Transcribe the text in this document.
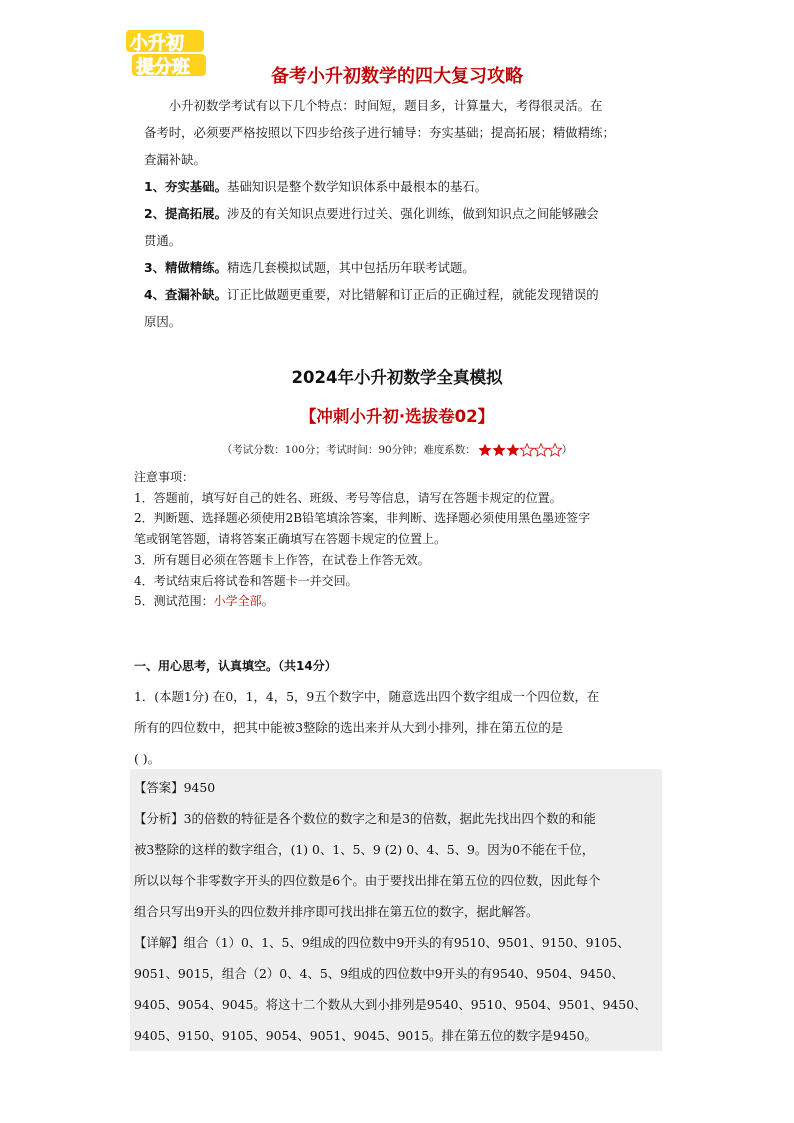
小升初
提分班	备考小升初数学的四大复习攻略

小升初数学考试有以下几个特点：时间短，题目多，计算量大，考得很灵活。在

备考时，必须要严格按照以下四步给孩子进行辅导：夯实基础；提高拓展；精做精练；

查漏补缺。

1、夯实基础。基础知识是整个数学知识体系中最根本的基石。

2、提高拓展。涉及的有关知识点要进行过关、强化训练，做到知识点之间能够融会

贯通。

3、精做精练。精选几套模拟试题，其中包括历年联考试题。

4、查漏补缺。订正比做题更重要，对比错解和订正后的正确过程，就能发现错误的

原因。

2024年小升初数学全真模拟
【冲刺小升初·选拔卷02】
（考试分数：100分；考试时间：90分钟；难度系数：	）

注意事项：

1．答题前，填写好自己的姓名、班级、考号等信息，请写在答题卡规定的位置。

2．判断题、选择题必须使用2B铅笔填涂答案，非判断、选择题必须使用黑色墨迹签字

笔或钢笔答题，请将答案正确填写在答题卡规定的位置上。

3．所有题目必须在答题卡上作答，在试卷上作答无效。

4．考试结束后将试卷和答题卡一并交回。

5．测试范围：小学全部。

一、用心思考，认真填空。（共14分）

1．(本题1分) 在0，1，4，5，9五个数字中，随意选出四个数字组成一个四位数，在

所有的四位数中，把其中能被3整除的选出来并从大到小排列，排在第五位的是

( )。

【答案】9450

【分析】3的倍数的特征是各个数位的数字之和是3的倍数，据此先找出四个数的和能

被3整除的这样的数字组合，(1) 0、1、5、9 (2) 0、4、5、9。因为0不能在千位，

所以以每个非零数字开头的四位数是6个。由于要找出排在第五位的四位数，因此每个

组合只写出9开头的四位数并排序即可找出排在第五位的数字，据此解答。

【详解】组合（1）0、1、5、9组成的四位数中9开头的有9510、9501、9150、9105、

9051、9015，组合（2）0、4、5、9组成的四位数中9开头的有9540、9504、9450、

9405、9054、9045。将这十二个数从大到小排列是9540、9510、9504、9501、9450、

9405、9150、9105、9054、9051、9045、9015。排在第五位的数字是9450。
